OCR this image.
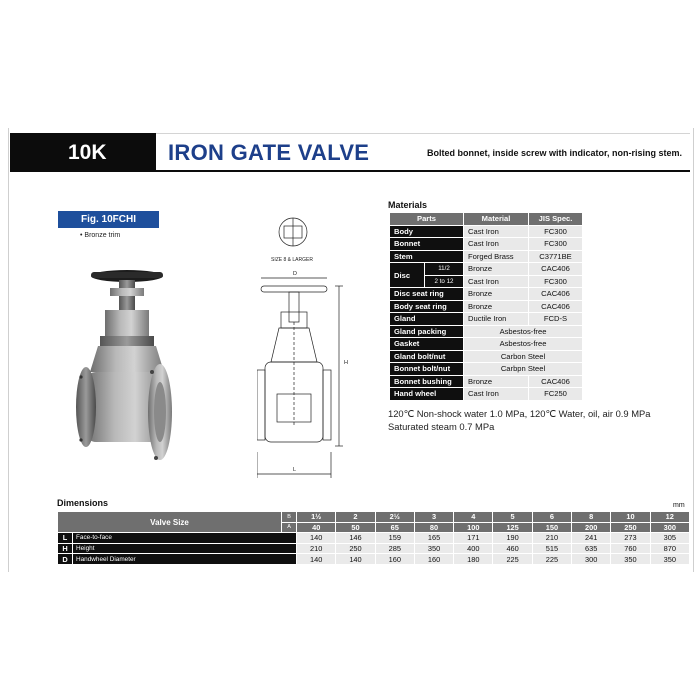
10K	IRON GATE VALVE	Bolted bonnet, inside screw with indicator, non-rising stem.
Fig. 10FCHI
• Bronze trim
SIZE 8 & LARGER
D
H
L
Materials
Parts		Material	JIS Spec.
Body		Cast Iron	FC300
Bonnet		Cast Iron	FC300
Stem		Forged Brass	C3771BE
Disc	11/2	Bronze	CAC406
	2 to 12	Cast Iron	FC300
Disc seat ring		Bronze	CAC406
Body seat ring		Bronze	CAC406
Gland		Ductile Iron	FCD-S
Gland packing		Asbestos-free	
Gasket		Asbestos-free	
Gland bolt/nut		Carbon Steel	
Bonnet bolt/nut		Carbpn Steel	
Bonnet bushing		Bronze	CAC406
Hand wheel		Cast Iron	FC250
120℃ Non-shock water 1.0 MPa, 120℃ Water, oil, air 0.9 MPa
Saturated steam 0.7 MPa
Dimensions	mm
Valve Size		B	1½	2	2½	3	4	5	6	8	10	12
		A	40	50	65	80	100	125	150	200	250	300
L	Face-to-face		140	146	159	165	171	190	210	241	273	305
H	Height		210	250	285	350	400	460	515	635	760	870
D	Handwheel Diameter		140	140	160	160	180	225	225	300	350	350
